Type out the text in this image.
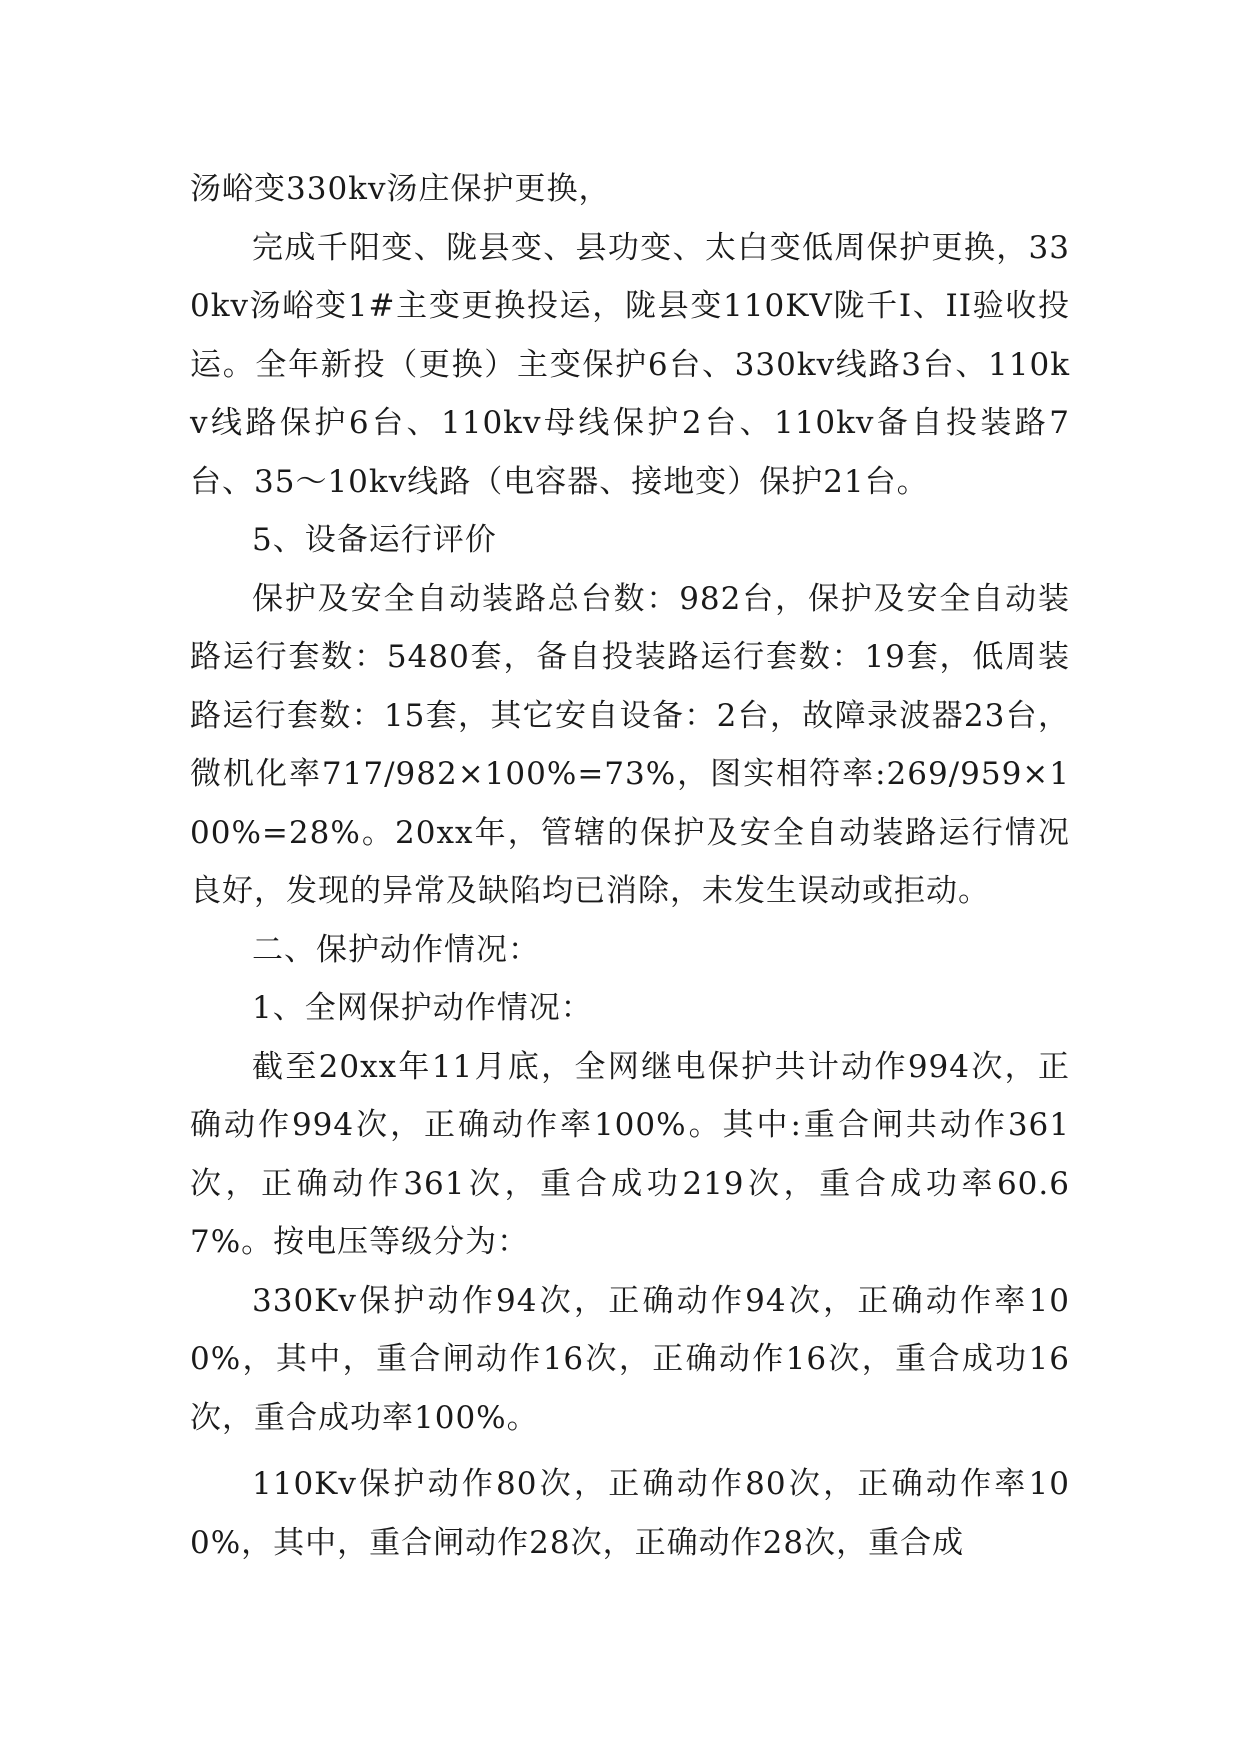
汤峪变330kv汤庄保护更换，

完成千阳变、陇县变、县功变、太白变低周保护更换，330kv汤峪变1#主变更换投运，陇县变110KV陇千I、II验收投运。全年新投（更换）主变保护6台、330kv线路3台、110kv线路保护6台、110kv母线保护2台、110kv备自投装路7台、35～10kv线路（电容器、接地变）保护21台。

5、设备运行评价

保护及安全自动装路总台数：982台，保护及安全自动装路运行套数：5480套，备自投装路运行套数：19套，低周装路运行套数：15套，其它安自设备：2台，故障录波器23台，微机化率717/982×100%=73%，图实相符率:269/959×100%=28%。20xx年，管辖的保护及安全自动装路运行情况良好，发现的异常及缺陷均已消除，未发生误动或拒动。

二、保护动作情况：

1、全网保护动作情况：

截至20xx年11月底，全网继电保护共计动作994次，正确动作994次，正确动作率100%。其中:重合闸共动作361次，正确动作361次，重合成功219次，重合成功率60.67%。按电压等级分为：

330Kv保护动作94次，正确动作94次，正确动作率100%，其中，重合闸动作16次，正确动作16次，重合成功16次，重合成功率100%。

110Kv保护动作80次，正确动作80次，正确动作率100%，其中，重合闸动作28次，正确动作28次，重合成
